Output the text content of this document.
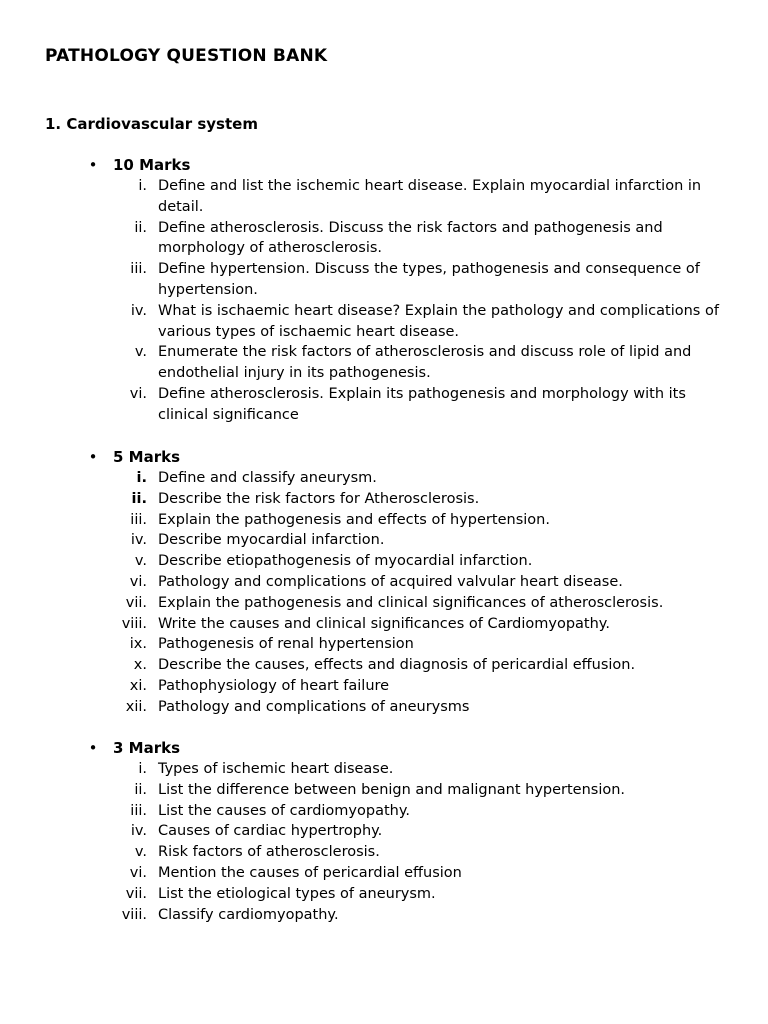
PATHOLOGY QUESTION BANK
1. Cardiovascular system
• 10 Marks
i. Define and list the ischemic heart disease. Explain myocardial infarction in detail.
ii. Define atherosclerosis. Discuss the risk factors and pathogenesis and morphology of atherosclerosis.
iii. Define hypertension. Discuss the types, pathogenesis and consequence of hypertension.
iv. What is ischaemic heart disease? Explain the pathology and complications of various types of ischaemic heart disease.
v. Enumerate the risk factors of atherosclerosis and discuss role of lipid and endothelial injury in its pathogenesis.
vi. Define atherosclerosis. Explain its pathogenesis and morphology with its clinical significance
• 5 Marks
i. Define and classify aneurysm.
ii. Describe the risk factors for Atherosclerosis.
iii. Explain the pathogenesis and effects of hypertension.
iv. Describe myocardial infarction.
v. Describe etiopathogenesis of myocardial infarction.
vi. Pathology and complications of acquired valvular heart disease.
vii. Explain the pathogenesis and clinical significances of atherosclerosis.
viii. Write the causes and clinical significances of Cardiomyopathy.
ix. Pathogenesis of renal hypertension
x. Describe the causes, effects and diagnosis of pericardial effusion.
xi. Pathophysiology of heart failure
xii. Pathology and complications of aneurysms
• 3 Marks
i. Types of ischemic heart disease.
ii. List the difference between benign and malignant hypertension.
iii. List the causes of cardiomyopathy.
iv. Causes of cardiac hypertrophy.
v. Risk factors of atherosclerosis.
vi. Mention the causes of pericardial effusion
vii. List the etiological types of aneurysm.
viii. Classify cardiomyopathy.
